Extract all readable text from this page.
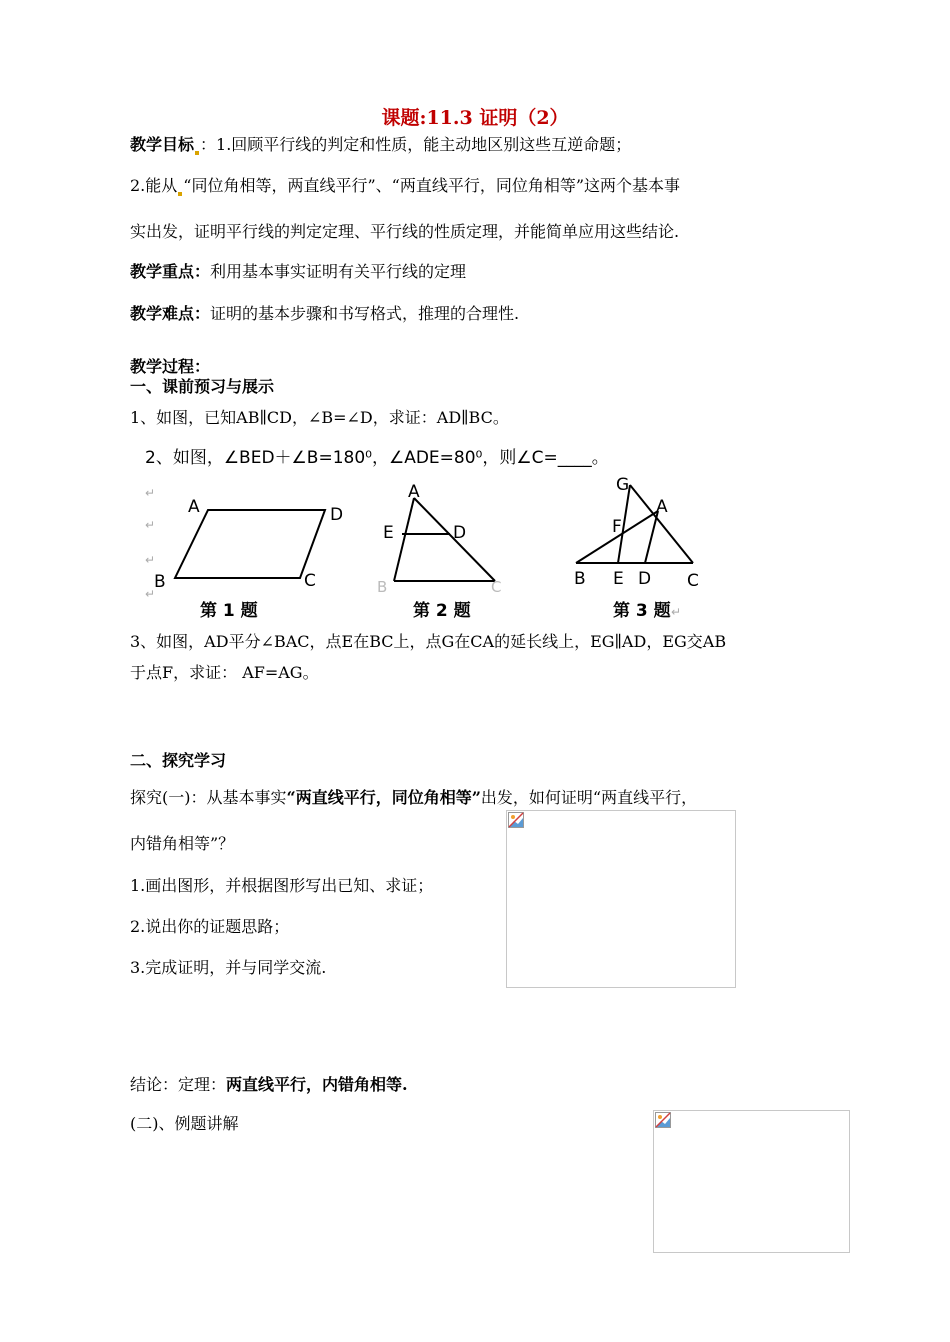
课题:11.3 证明（2）
教学目标 ：1.回顾平行线的判定和性质，能主动地区别这些互逆命题；
2.能从 “同位角相等，两直线平行”、“两直线平行，同位角相等”这两个基本事
实出发，证明平行线的判定定理、平行线的性质定理，并能简单应用这些结论.
教学重点：利用基本事实证明有关平行线的定理
教学难点：证明的基本步骤和书写格式，推理的合理性.
教学过程：
一、课前预习与展示
1、如图，已知AB∥CD，∠B=∠D，求证：AD∥BC。
2、如图，∠BED＋∠B=180⁰，∠ADE=80⁰，则∠C=____。
↵
↵
↵
↵
A	D
B	C
第 1 题
A
E	D
B	C
第 2 题
G
A
F
B E D C
第 3 题 ↵
3、如图，AD平分∠BAC，点E在BC上，点G在CA的延长线上，EG∥AD，EG交AB
于点F，求证： AF=AG。
二、探究学习
探究(一)：从基本事实“两直线平行，同位角相等”出发，如何证明“两直线平行，
内错角相等”？
1.画出图形，并根据图形写出已知、求证；
2.说出你的证题思路；
3.完成证明，并与同学交流.
结论：定理：两直线平行，内错角相等.
(二)、例题讲解
